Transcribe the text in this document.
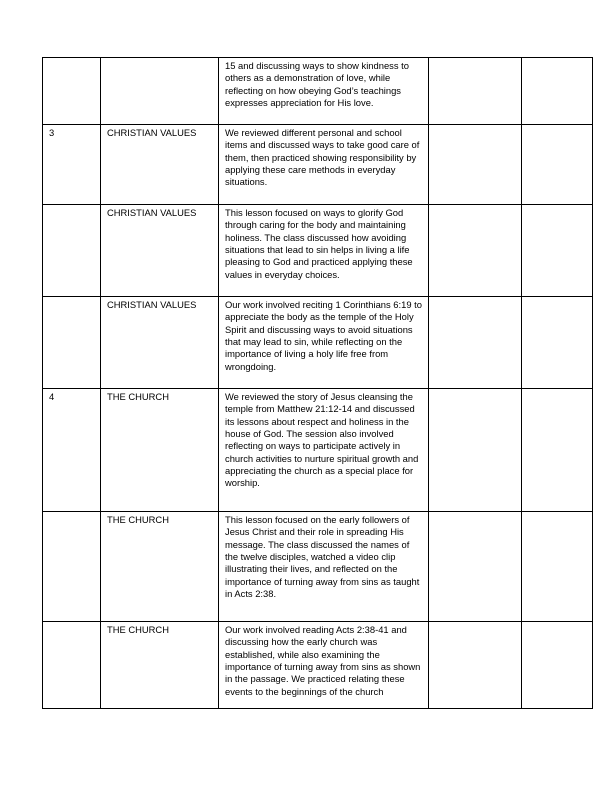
		15 and discussing ways to show kindness to others as a demonstration of love, while reflecting on how obeying God’s teachings expresses appreciation for His love.		
3	CHRISTIAN VALUES	We reviewed different personal and school items and discussed ways to take good care of them, then practiced showing responsibility by applying these care methods in everyday situations.		
	CHRISTIAN VALUES	This lesson focused on ways to glorify God through caring for the body and maintaining holiness. The class discussed how avoiding situations that lead to sin helps in living a life pleasing to God and practiced applying these values in everyday choices.		
	CHRISTIAN VALUES	Our work involved reciting 1 Corinthians 6:19 to appreciate the body as the temple of the Holy Spirit and discussing ways to avoid situations that may lead to sin, while reflecting on the importance of living a holy life free from wrongdoing.		
4	THE CHURCH	We reviewed the story of Jesus cleansing the temple from Matthew 21:12-14 and discussed its lessons about respect and holiness in the house of God. The session also involved reflecting on ways to participate actively in church activities to nurture spiritual growth and appreciating the church as a special place for worship.		
	THE CHURCH	This lesson focused on the early followers of Jesus Christ and their role in spreading His message. The class discussed the names of the twelve disciples, watched a video clip illustrating their lives, and reflected on the importance of turning away from sins as taught in Acts 2:38.		
	THE CHURCH	Our work involved reading Acts 2:38-41 and discussing how the early church was established, while also examining the importance of turning away from sins as shown in the passage. We practiced relating these events to the beginnings of the church		
